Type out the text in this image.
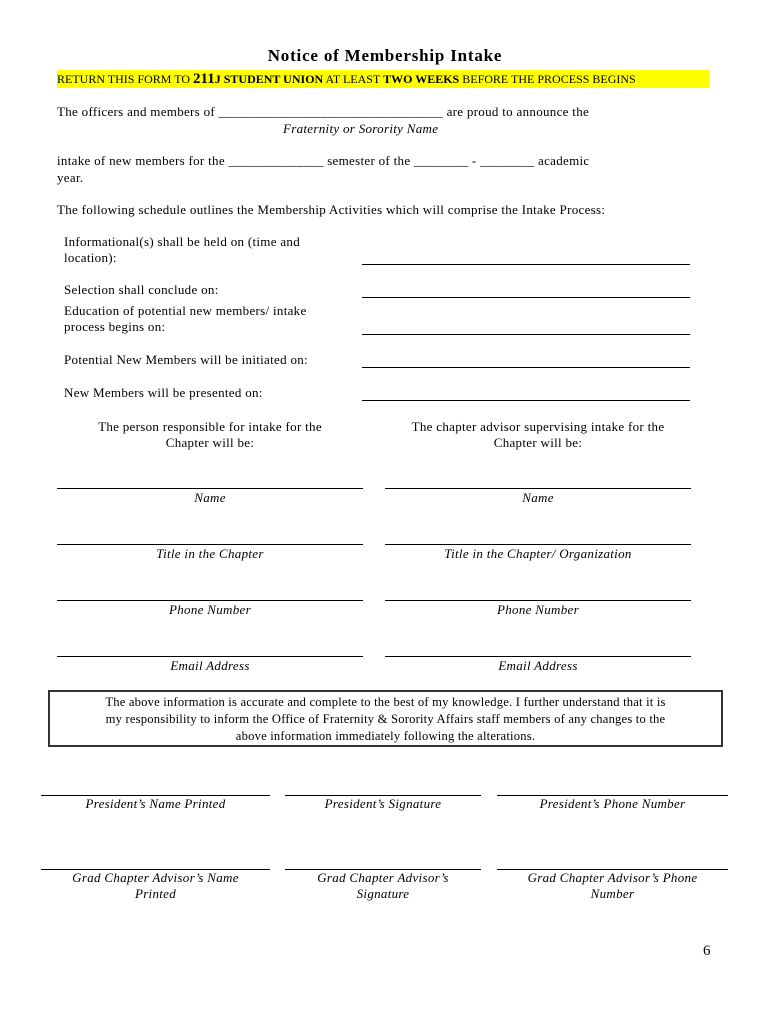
Notice of Membership Intake
RETURN THIS FORM TO 211J STUDENT UNION AT LEAST TWO WEEKS BEFORE THE PROCESS BEGINS
The officers and members of _________________________________ are proud to announce the
Fraternity or Sorority Name
intake of new members for the ______________ semester of the ________ - ________ academic
year.
The following schedule outlines the Membership Activities which will comprise the Intake Process:
Informational(s) shall be held on (time and
location):
Selection shall conclude on:
Education of potential new members/ intake
process begins on:
Potential New Members will be initiated on:
New Members will be presented on:
The person responsible for intake for the
Chapter will be:
The chapter advisor supervising intake for the
Chapter will be:
Name
Title in the Chapter
Phone Number
Email Address
Name
Title in the Chapter/ Organization
Phone Number
Email Address
The above information is accurate and complete to the best of my knowledge. I further understand that it is
my responsibility to inform the Office of Fraternity & Sorority Affairs staff members of any changes to the
above information immediately following the alterations.
President’s Name Printed	President’s Signature	President’s Phone Number
Grad Chapter Advisor’s Name
Printed
Grad Chapter Advisor’s
Signature
Grad Chapter Advisor’s Phone
Number
6
